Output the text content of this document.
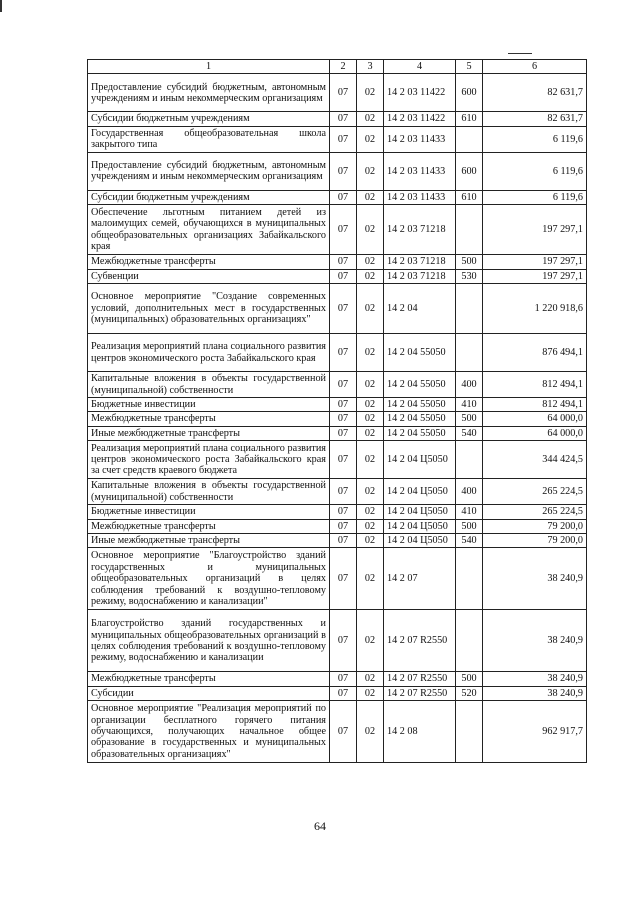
1	2	3	4	5	6
Предоставление субсидий бюджетным, автономным учреждениям и иным некоммерческим организациям	07	02	14 2 03 11422	600	82 631,7
Субсидии бюджетным учреждениям	07	02	14 2 03 11422	610	82 631,7
Государственная общеобразовательная школа закрытого типа	07	02	14 2 03 11433		6 119,6
Предоставление субсидий бюджетным, автономным учреждениям и иным некоммерческим организациям	07	02	14 2 03 11433	600	6 119,6
Субсидии бюджетным учреждениям	07	02	14 2 03 11433	610	6 119,6
Обеспечение льготным питанием детей из малоимущих семей, обучающихся в муниципальных общеобразовательных организациях Забайкальского края	07	02	14 2 03 71218		197 297,1
Межбюджетные трансферты	07	02	14 2 03 71218	500	197 297,1
Субвенции	07	02	14 2 03 71218	530	197 297,1
Основное мероприятие "Создание современных условий, дополнительных мест в государственных (муниципальных) образовательных организациях"	07	02	14 2 04		1 220 918,6
Реализация мероприятий плана социального развития центров экономического роста Забайкальского края	07	02	14 2 04 55050		876 494,1
Капитальные вложения в объекты государственной (муниципальной) собственности	07	02	14 2 04 55050	400	812 494,1
Бюджетные инвестиции	07	02	14 2 04 55050	410	812 494,1
Межбюджетные трансферты	07	02	14 2 04 55050	500	64 000,0
Иные межбюджетные трансферты	07	02	14 2 04 55050	540	64 000,0
Реализация мероприятий плана социального развития центров экономического роста Забайкальского края за счет средств краевого бюджета	07	02	14 2 04 Ц5050		344 424,5
Капитальные вложения в объекты государственной (муниципальной) собственности	07	02	14 2 04 Ц5050	400	265 224,5
Бюджетные инвестиции	07	02	14 2 04 Ц5050	410	265 224,5
Межбюджетные трансферты	07	02	14 2 04 Ц5050	500	79 200,0
Иные межбюджетные трансферты	07	02	14 2 04 Ц5050	540	79 200,0
Основное мероприятие "Благоустройство зданий государственных и муниципальных общеобразовательных организаций в целях соблюдения требований к воздушно-тепловому режиму, водоснабжению и канализации"	07	02	14 2 07		38 240,9
Благоустройство зданий государственных и муниципальных общеобразовательных организаций в целях соблюдения требований к воздушно-тепловому режиму, водоснабжению и канализации	07	02	14 2 07 R2550		38 240,9
Межбюджетные трансферты	07	02	14 2 07 R2550	500	38 240,9
Субсидии	07	02	14 2 07 R2550	520	38 240,9
Основное мероприятие "Реализация мероприятий по организации бесплатного горячего питания обучающихся, получающих начальное общее образование в государственных и муниципальных образовательных организациях"	07	02	14 2 08		962 917,7
64
